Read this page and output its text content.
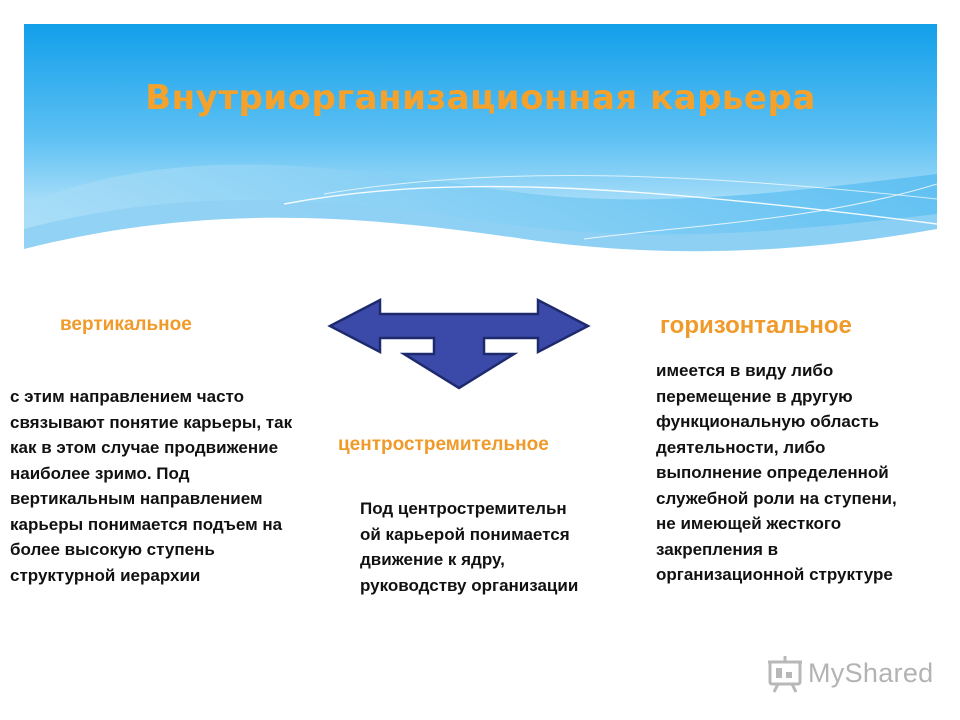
Внутриорганизационная карьера
вертикальное	горизонтальное
центростремительное
с этим направлением часто связывают понятие карьеры, так как в этом случае продвижение наиболее зримо. Под вертикальным направлением карьеры понимается подъем на более высокую ступень структурной иерархии
Под центростремительн ой карьерой понимается движение к ядру, руководству организации
имеется в виду либо перемещение в другую функциональную область деятельности, либо выполнение определенной служебной роли на ступени, не имеющей жесткого закрепления в организационной структуре
MyShared
